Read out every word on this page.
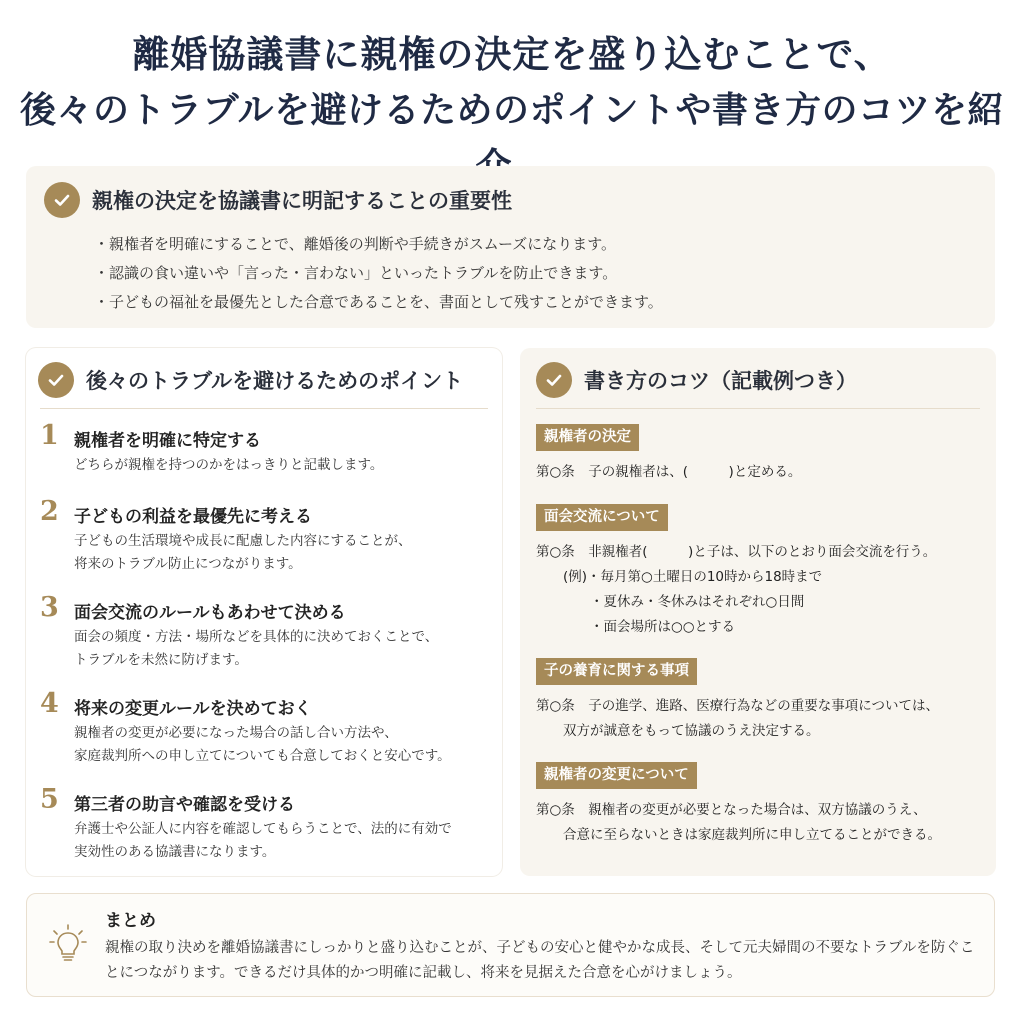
離婚協議書に親権の決定を盛り込むことで、
後々のトラブルを避けるためのポイントや書き方のコツを紹
親権の決定を協議書に明記することの重要性
・親権者を明確にすることで、離婚後の判断や手続きがスムーズになります。
・認識の食い違いや「言った・言わない」といったトラブルを防止できます。
・子どもの福祉を最優先とした合意であることを、書面として残すことができます。
後々のトラブルを避けるためのポイント
1 親権者を明確に特定する
どちらが親権を持つのかをはっきりと記載します。
2 子どもの利益を最優先に考える
子どもの生活環境や成長に配慮した内容にすることが、
将来のトラブル防止につながります。
3 面会交流のルールもあわせて決める
面会の頻度・方法・場所などを具体的に決めておくことで、
トラブルを未然に防げます。
4 将来の変更ルールを決めておく
親権者の変更が必要になった場合の話し合い方法や、
家庭裁判所への申し立てについても合意しておくと安心です。
5 第三者の助言や確認を受ける
弁護士や公証人に内容を確認してもらうことで、法的に有効で
実効性のある協議書になります。
書き方のコツ（記載例つき）
親権者の決定
第○条　子の親権者は、(　　　)と定める。
面会交流について
第○条　非親権者(　　　)と子は、以下のとおり面会交流を行う。
　　(例)・毎月第○土曜日の10時から18時まで
　　　　・夏休み・冬休みはそれぞれ○日間
　　　　・面会場所は○○とする
子の養育に関する事項
第○条　子の進学、進路、医療行為などの重要な事項については、
　　双方が誠意をもって協議のうえ決定する。
親権者の変更について
第○条　親権者の変更が必要となった場合は、双方協議のうえ、
　　合意に至らないときは家庭裁判所に申し立てることができる。
まとめ

親権の取り決めを離婚協議書にしっかりと盛り込むことが、子どもの安心と健やかな成長、そして元夫婦間の不要なトラブルを防ぐことにつながります。できるだけ具体的かつ明確に記載し、将来を見据えた合意を心がけましょう。
